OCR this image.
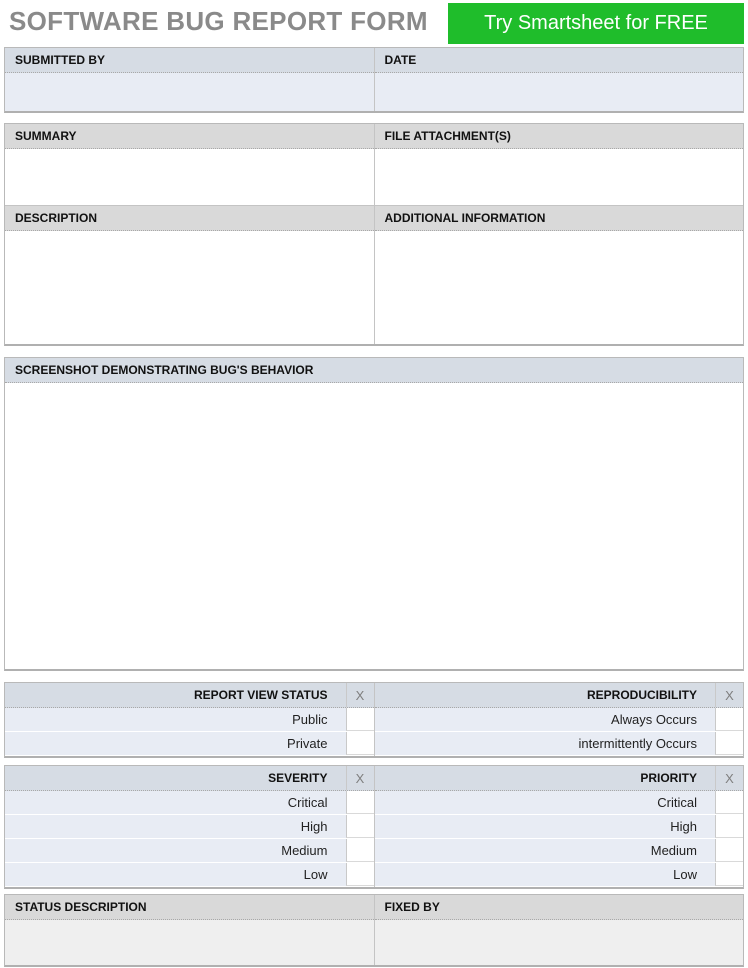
SOFTWARE BUG REPORT FORM	Try Smartsheet for FREE
SUBMITTED BY	DATE
SUMMARY	FILE ATTACHMENT(S)
DESCRIPTION	ADDITIONAL INFORMATION
SCREENSHOT DEMONSTRATING BUG'S BEHAVIOR
REPORT VIEW STATUS	X
Public
Private
REPRODUCIBILITY	X
Always Occurs
intermittently Occurs
SEVERITY	X
Critical
High
Medium
Low
PRIORITY	X
Critical
High
Medium
Low
STATUS DESCRIPTION	FIXED BY
